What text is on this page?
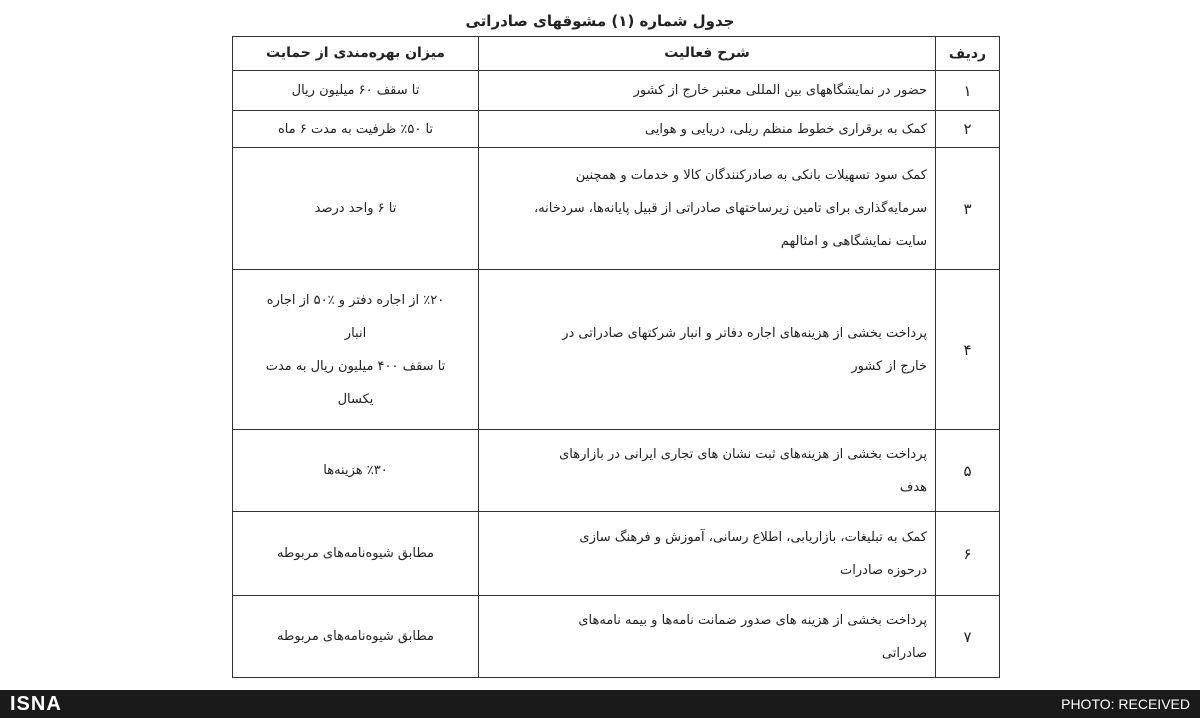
جدول شماره (۱) مشوقهای صادراتی
ردیف	شرح فعالیت	میزان بهره‌مندی از حمایت
۱	حضور در نمایشگاههای بین المللی معتبر خارج از کشور	تا سقف ۶۰ میلیون ریال

۲	کمک به برقراری خطوط منظم ریلی، دریایی و هوایی	تا ۵۰٪ ظرفیت به مدت ۶ ماه

۳	کمک سود تسهیلات بانکی به صادرکنندگان کالا و خدمات و همچنین
سرمایه‌گذاری برای تامین زیرساختهای صادراتی از قبیل پایانه‌ها، سردخانه،
سایت نمایشگاهی و امثالهم	تا ۶ واحد درصد

۴	پرداخت بخشی از هزینه‌های اجاره دفاتر و انبار شرکتهای صادراتی در
خارج از کشور	٪۲۰ از اجاره دفتر و ٪۵۰ از اجاره
انبار
تا سقف ۴۰۰ میلیون ریال به مدت
یکسال

۵	پرداخت بخشی از هزینه‌های ثبت نشان های تجاری ایرانی در بازارهای
هدف	٪۳۰ هزینه‌ها

۶	کمک به تبلیغات، بازاریابی، اطلاع رسانی، آموزش و فرهنگ سازی
درحوزه صادرات	مطابق شیوه‌نامه‌های مربوطه

۷	پرداخت بخشی از هزینه های صدور ضمانت نامه‌ها و بیمه نامه‌های
صادراتی	مطابق شیوه‌نامه‌های مربوطه
ISNA	PHOTO: RECEIVED
